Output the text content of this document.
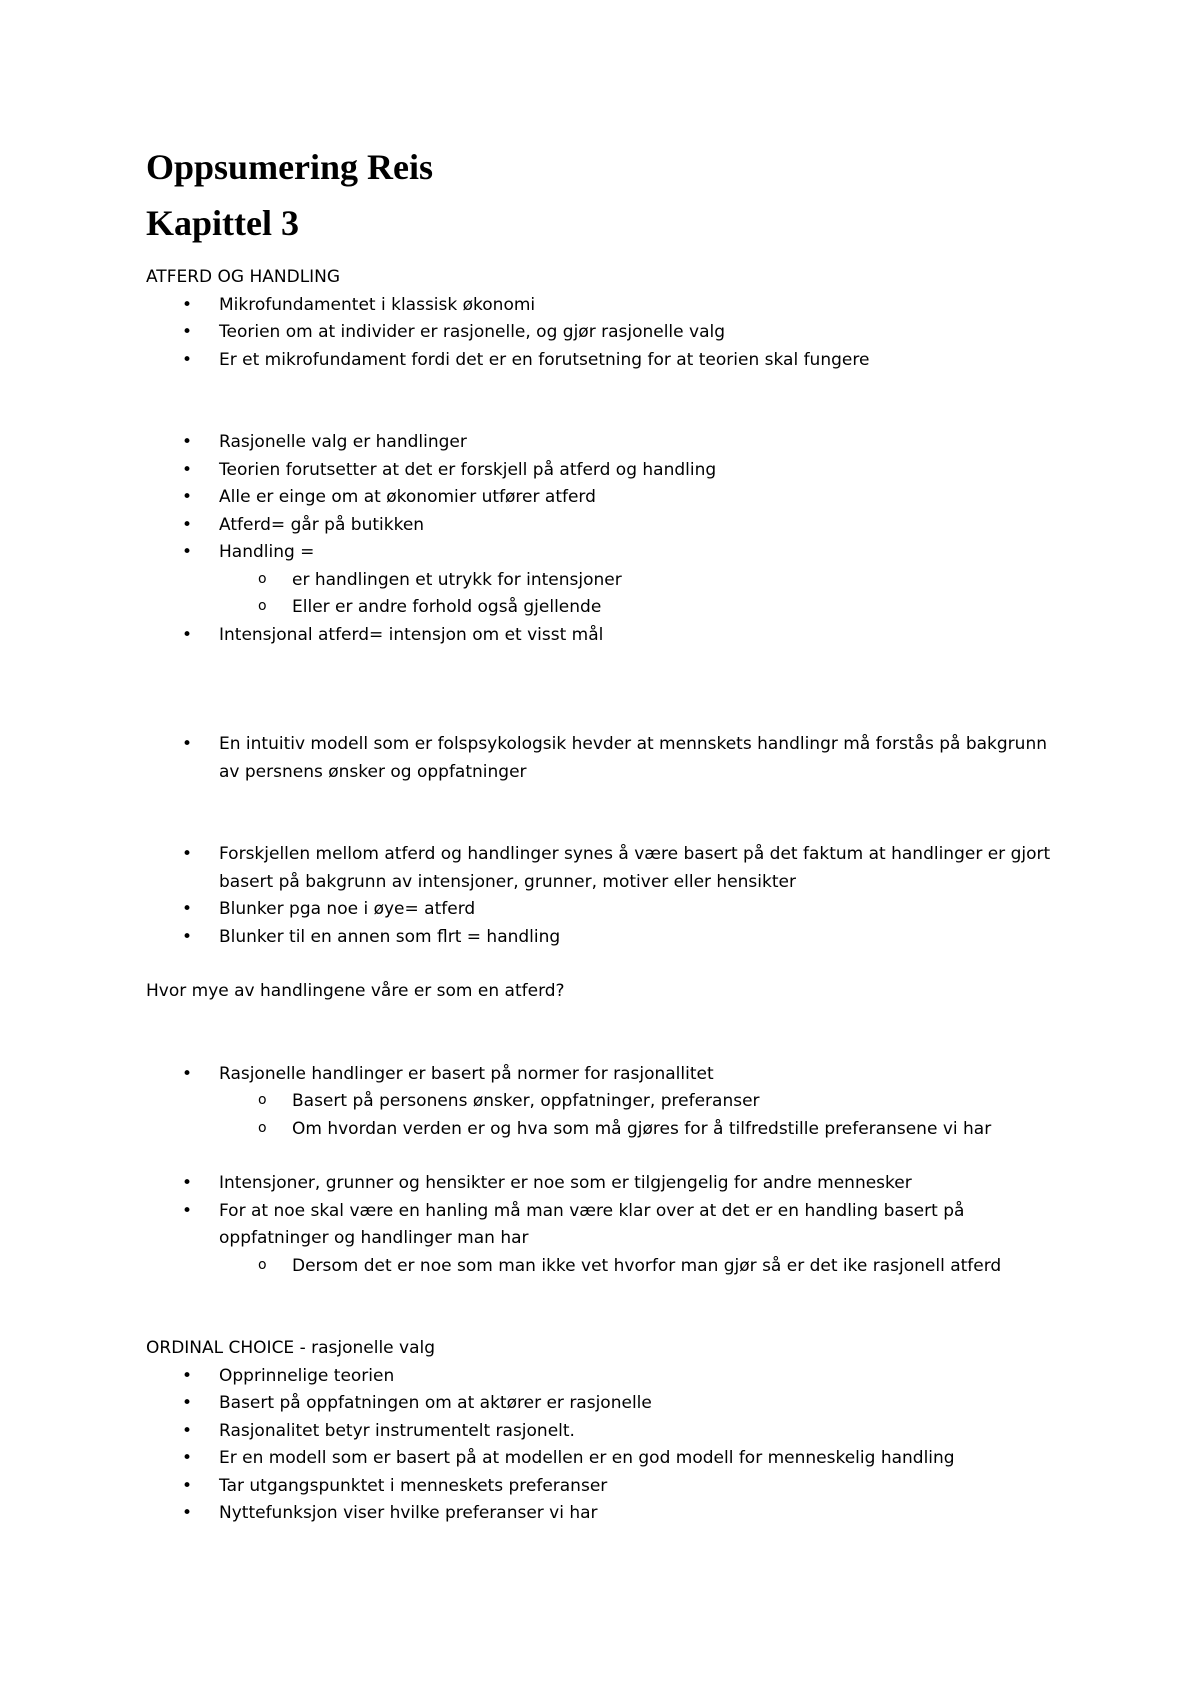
Oppsumering Reis
Kapittel 3

ATFERD OG HANDLING

• Mikrofundamentet i klassisk økonomi
• Teorien om at individer er rasjonelle, og gjør rasjonelle valg
• Er et mikrofundament fordi det er en forutsetning for at teorien skal fungere
• Rasjonelle valg er handlinger
• Teorien forutsetter at det er forskjell på atferd og handling
• Alle er einge om at økonomier utfører atferd
• Atferd= går på butikken
• Handling =
o er handlingen et utrykk for intensjoner
o Eller er andre forhold også gjellende
• Intensjonal atferd= intensjon om et visst mål
• En intuitiv modell som er folspsykologsik hevder at mennskets handlingr må forstås på bakgrunn av persnens ønsker og oppfatninger
• Forskjellen mellom atferd og handlinger synes å være basert på det faktum at handlinger er gjort basert på bakgrunn av intensjoner, grunner, motiver eller hensikter
• Blunker pga noe i øye= atferd
• Blunker til en annen som flrt = handling

Hvor mye av handlingene våre er som en atferd?

• Rasjonelle handlinger er basert på normer for rasjonallitet
o Basert på personens ønsker, oppfatninger, preferanser
o Om hvordan verden er og hva som må gjøres for å tilfredstille preferansene vi har
• Intensjoner, grunner og hensikter er noe som er tilgjengelig for andre mennesker
• For at noe skal være en hanling må man være klar over at det er en handling basert på oppfatninger og handlinger man har
o Dersom det er noe som man ikke vet hvorfor man gjør så er det ike rasjonell atferd

ORDINAL CHOICE - rasjonelle valg

• Opprinnelige teorien
• Basert på oppfatningen om at aktører er rasjonelle
• Rasjonalitet betyr instrumentelt rasjonelt.
• Er en modell som er basert på at modellen er en god modell for menneskelig handling
• Tar utgangspunktet i menneskets preferanser
• Nyttefunksjon viser hvilke preferanser vi har
